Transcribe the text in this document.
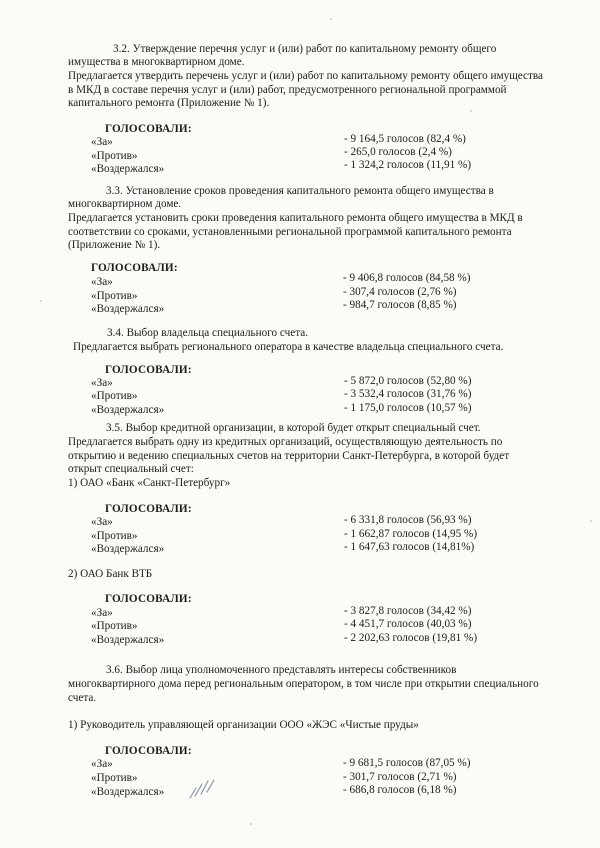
3.2. Утверждение перечня услуг и (или) работ по капитальному ремонту общего
имущества в многоквартирном доме.
Предлагается утвердить перечень услуг и (или) работ по капитальному ремонту общего имущества
в МКД в составе перечня услуг и (или) работ, предусмотренного региональной программой
капитального ремонта (Приложение № 1).
ГОЛОСОВАЛИ:
«За»	- 9 164,5 голосов (82,4 %)
«Против»	- 265,0 голосов (2,4 %)
«Воздержался»	- 1 324,2 голосов (11,91 %)
3.3. Установление сроков проведения капитального ремонта общего имущества в
многоквартирном доме.
Предлагается установить сроки проведения капитального ремонта общего имущества в МКД в
соответствии со сроками, установленными региональной программой капитального ремонта
(Приложение № 1).
ГОЛОСОВАЛИ:
«За»	- 9 406,8 голосов (84,58 %)
«Против»	- 307,4 голосов (2,76 %)
«Воздержался»	- 984,7 голосов (8,85 %)
3.4. Выбор владельца специального счета.
Предлагается выбрать регионального оператора в качестве владельца специального счета.
ГОЛОСОВАЛИ:
«За»	- 5 872,0 голосов (52,80 %)
«Против»	- 3 532,4 голосов (31,76 %)
«Воздержался»	- 1 175,0 голосов (10,57 %)
3.5. Выбор кредитной организации, в которой будет открыт специальный счет.
Предлагается выбрать одну из кредитных организаций, осуществляющую деятельность по
открытию и ведению специальных счетов на территории Санкт-Петербурга, в которой будет
открыт специальный счет:
1) ОАО «Банк «Санкт-Петербург»
ГОЛОСОВАЛИ:
«За»	- 6 331,8 голосов (56,93 %)
«Против»	- 1 662,87 голосов (14,95 %)
«Воздержался»	- 1 647,63 голосов (14,81%)
2) ОАО Банк ВТБ
ГОЛОСОВАЛИ:
«За»	- 3 827,8 голосов (34,42 %)
«Против»	- 4 451,7 голосов (40,03 %)
«Воздержался»	- 2 202,63 голосов (19,81 %)
3.6. Выбор лица уполномоченного представлять интересы собственников
многоквартирного дома перед региональным оператором, в том числе при открытии специального
счета.
1) Руководитель управляющей организации ООО «ЖЭС «Чистые пруды»
ГОЛОСОВАЛИ:
«За»	- 9 681,5 голосов (87,05 %)
«Против»	- 301,7 голосов (2,71 %)
«Воздержался»	- 686,8 голосов (6,18 %)
